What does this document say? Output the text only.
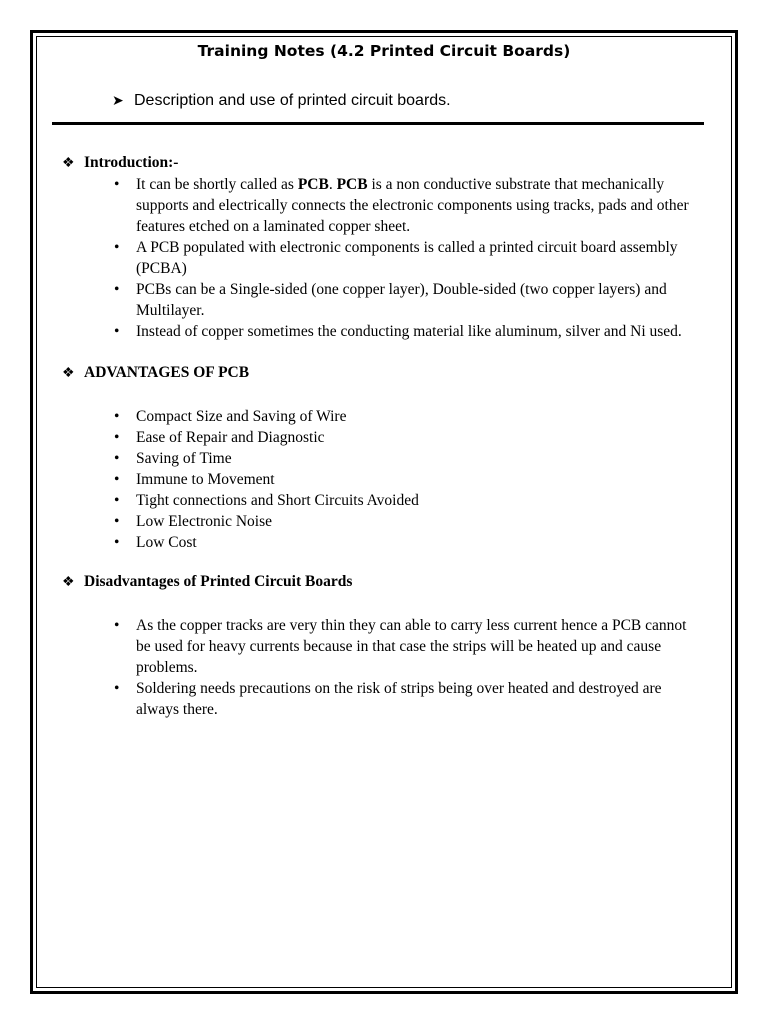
Training Notes (4.2 Printed Circuit Boards)
➤ Description and use of printed circuit boards.

❖ Introduction:-

• It can be shortly called as PCB. PCB is a non conductive substrate that mechanically supports and electrically connects the electronic components using tracks, pads and other features etched on a laminated copper sheet.
• A PCB populated with electronic components is called a printed circuit board assembly (PCBA)
• PCBs can be a Single-sided (one copper layer), Double-sided (two copper layers) and Multilayer.
• Instead of copper sometimes the conducting material like aluminum, silver and Ni used.

❖ ADVANTAGES OF PCB

• Compact Size and Saving of Wire
• Ease of Repair and Diagnostic
• Saving of Time
• Immune to Movement
• Tight connections and Short Circuits Avoided
• Low Electronic Noise
• Low Cost

❖ Disadvantages of Printed Circuit Boards

• As the copper tracks are very thin they can able to carry less current hence a PCB cannot be used for heavy currents because in that case the strips will be heated up and cause problems.
• Soldering needs precautions on the risk of strips being over heated and destroyed are always there.
